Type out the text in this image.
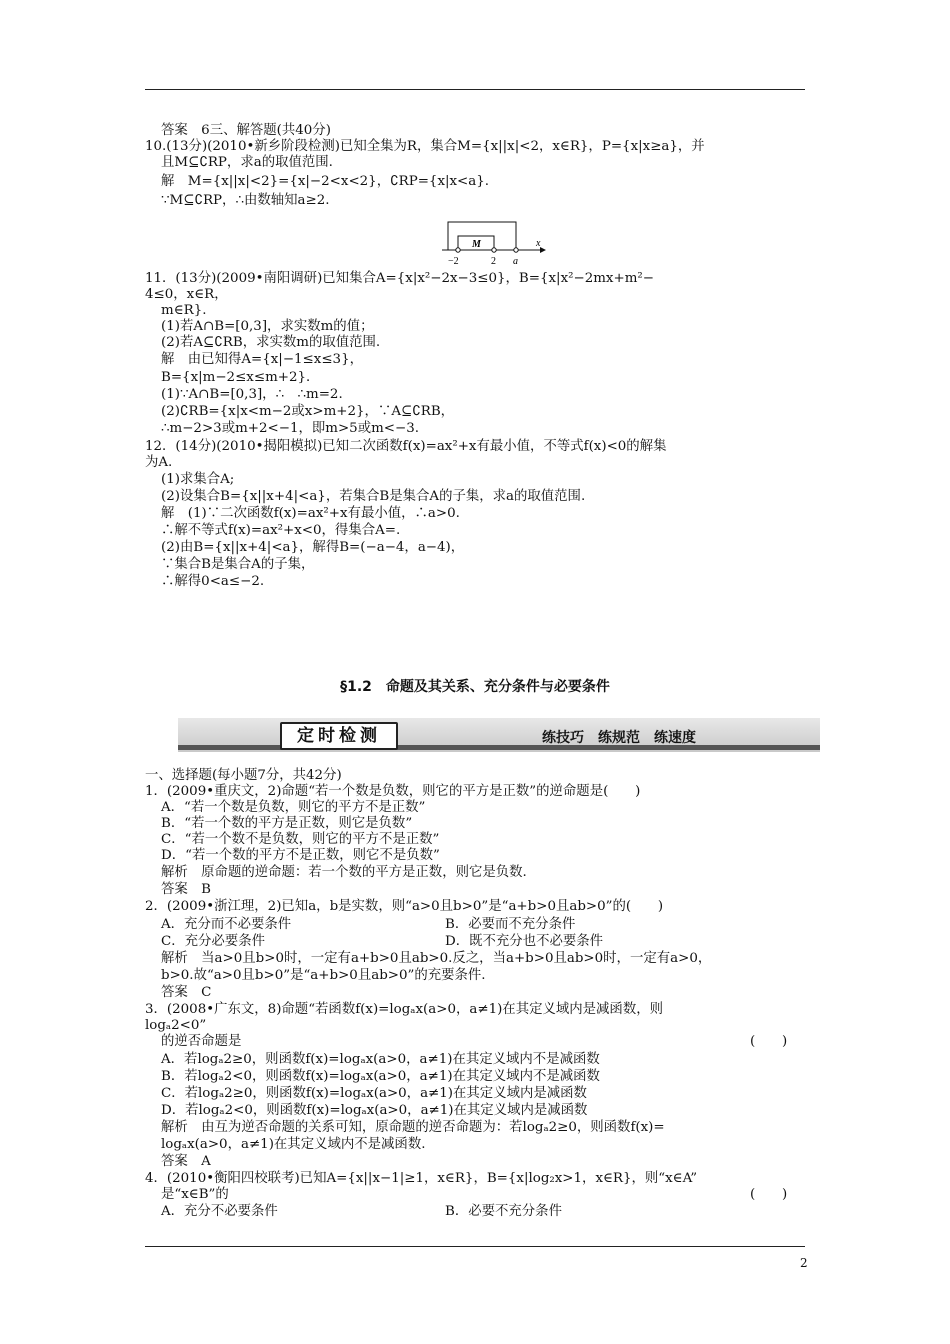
答案　6三、解答题(共40分)
10.(13分)(2010•新乡阶段检测)已知全集为R，集合M={x||x|<2，x∈R}，P={x|x≥a}，并
且M⊆∁RP，求a的取值范围.
解　M={x||x|<2}={x|−2<x<2}，∁RP={x|x<a}.
∵M⊆∁RP，∴由数轴知a≥2.
M
−2	2 a
x
11．(13分)(2009•南阳调研)已知集合A={x|x²−2x−3≤0}，B={x|x²−2mx+m²−
4≤0，x∈R，
m∈R}.
(1)若A∩B=[0,3]，求实数m的值；
(2)若A⊆∁RB，求实数m的取值范围.
解　由已知得A={x|−1≤x≤3}，
B={x|m−2≤x≤m+2}．
(1)∵A∩B=[0,3]，∴　∴m=2.
(2)∁RB={x|x<m−2或x>m+2}，∵A⊆∁RB，
∴m−2>3或m+2<−1，即m>5或m<−3.
12．(14分)(2010•揭阳模拟)已知二次函数f(x)=ax²+x有最小值，不等式f(x)<0的解集
为A.
(1)求集合A;
(2)设集合B={x||x+4|<a}，若集合B是集合A的子集，求a的取值范围.
解　(1)∵二次函数f(x)=ax²+x有最小值，∴a>0.
∴解不等式f(x)=ax²+x<0，得集合A=.
(2)由B={x||x+4|<a}，解得B=(−a−4，a−4)，
∵集合B是集合A的子集，
∴解得0<a≤−2.
§1.2　命题及其关系、充分条件与必要条件
定时检测	练技巧　练规范　练速度
一、选择题(每小题7分，共42分)
1．(2009•重庆文，2)命题“若一个数是负数，则它的平方是正数”的逆命题是(　　)
A．“若一个数是负数，则它的平方不是正数”
B．“若一个数的平方是正数，则它是负数”
C．“若一个数不是负数，则它的平方不是正数”
D．“若一个数的平方不是正数，则它不是负数”
解析　原命题的逆命题：若一个数的平方是正数，则它是负数.
答案　B
2．(2009•浙江理，2)已知a，b是实数，则“a>0且b>0”是“a+b>0且ab>0”的(　　)
A．充分而不必要条件	B．必要而不充分条件
C．充分必要条件	D．既不充分也不必要条件
解析　当a>0且b>0时，一定有a+b>0且ab>0.反之，当a+b>0且ab>0时，一定有a>0，
b>0.故“a>0且b>0”是“a+b>0且ab>0”的充要条件.
答案　C
3．(2008•广东文，8)命题“若函数f(x)=logₐx(a>0，a≠1)在其定义域内是减函数，则
logₐ2<0”
的逆否命题是	(　　)
A．若logₐ2≥0，则函数f(x)=logₐx(a>0，a≠1)在其定义域内不是减函数
B．若logₐ2<0，则函数f(x)=logₐx(a>0，a≠1)在其定义域内不是减函数
C．若logₐ2≥0，则函数f(x)=logₐx(a>0，a≠1)在其定义域内是减函数
D．若logₐ2<0，则函数f(x)=logₐx(a>0，a≠1)在其定义域内是减函数
解析　由互为逆否命题的关系可知，原命题的逆否命题为：若logₐ2≥0，则函数f(x)=
logₐx(a>0，a≠1)在其定义域内不是减函数.
答案　A
4．(2010•衡阳四校联考)已知A={x||x−1|≥1，x∈R}，B={x|log₂x>1，x∈R}，则“x∈A”
是“x∈B”的	(　　)
A．充分不必要条件	B．必要不充分条件
2
